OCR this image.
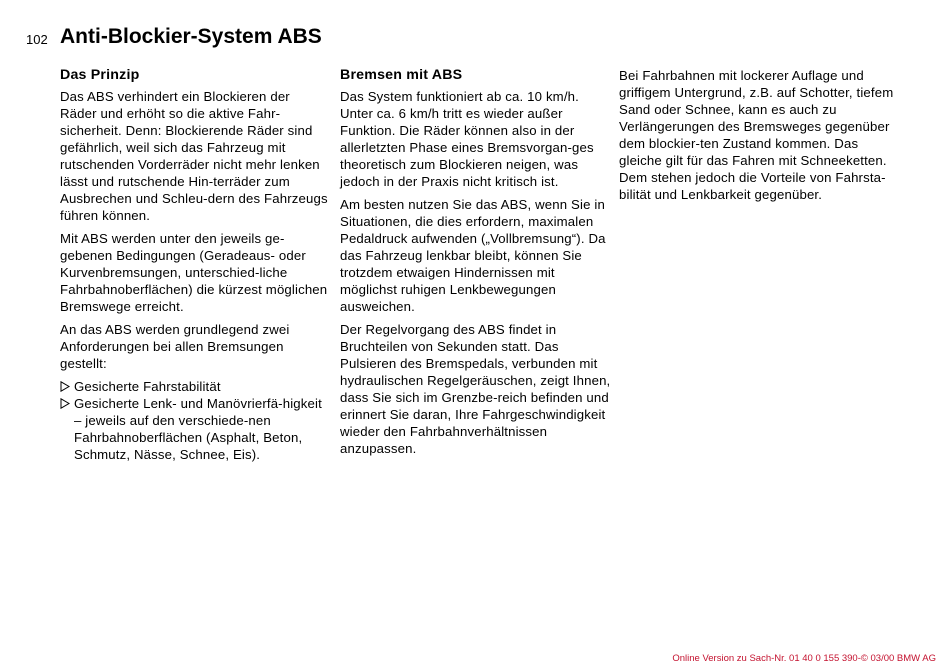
102 Anti-Blockier-System ABS
Das Prinzip

Das ABS verhindert ein Blockieren der Räder und erhöht so die aktive Fahr-sicherheit. Denn: Blockierende Räder sind gefährlich, weil sich das Fahrzeug mit rutschenden Vorderräder nicht mehr lenken lässt und rutschende Hin-terräder zum Ausbrechen und Schleu-dern des Fahrzeugs führen können.

Mit ABS werden unter den jeweils ge-gebenen Bedingungen (Geradeaus- oder Kurvenbremsungen, unterschied-liche Fahrbahnoberflächen) die kürzest möglichen Bremswege erreicht.

An das ABS werden grundlegend zwei Anforderungen bei allen Bremsungen gestellt:

Gesicherte Fahrstabilität
Gesicherte Lenk- und Manövrierfä-higkeit – jeweils auf den verschiede-nen Fahrbahnoberflächen (Asphalt, Beton, Schmutz, Nässe, Schnee, Eis).
Bremsen mit ABS

Das System funktioniert ab ca. 10 km/h. Unter ca. 6 km/h tritt es wieder außer Funktion. Die Räder können also in der allerletzten Phase eines Bremsvorgan-ges theoretisch zum Blockieren neigen, was jedoch in der Praxis nicht kritisch ist.

Am besten nutzen Sie das ABS, wenn Sie in Situationen, die dies erfordern, maximalen Pedaldruck aufwenden („Vollbremsung“). Da das Fahrzeug lenkbar bleibt, können Sie trotzdem etwaigen Hindernissen mit möglichst ruhigen Lenkbewegungen ausweichen.

Der Regelvorgang des ABS findet in Bruchteilen von Sekunden statt. Das Pulsieren des Bremspedals, verbunden mit hydraulischen Regelgeräuschen, zeigt Ihnen, dass Sie sich im Grenzbe-reich befinden und erinnert Sie daran, Ihre Fahrgeschwindigkeit wieder den Fahrbahnverhältnissen anzupassen.

Bei Fahrbahnen mit lockerer Auflage und griffigem Untergrund, z.B. auf Schotter, tiefem Sand oder Schnee, kann es auch zu Verlängerungen des Bremsweges gegenüber dem blockier-ten Zustand kommen. Das gleiche gilt für das Fahren mit Schneeketten. Dem stehen jedoch die Vorteile von Fahrsta-bilität und Lenkbarkeit gegenüber.

Online Version zu Sach-Nr. 01 40 0 155 390-© 03/00 BMW AG
